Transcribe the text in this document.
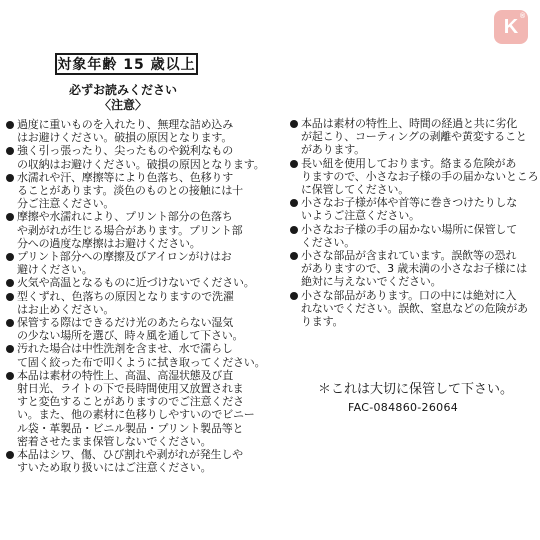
K ®
対象年齢 15 歳以上
必ずお読みください
〈注意〉
過度に重いものを入れたり、無理な詰め込み
はお避けください。破損の原因となります。
強く引っ張ったり、尖ったものや鋭利なもの
の収納はお避けください。破損の原因となります。
水濡れや汗、摩擦等により色落ち、色移りす
ることがあります。淡色のものとの接触には十
分ご注意ください。
摩擦や水濡れにより、プリント部分の色落ち
や剥がれが生じる場合があります。プリント部
分への過度な摩擦はお避けください。
プリント部分への摩擦及びアイロンがけはお
避けください。
火気や高温となるものに近づけないでください。
型くずれ、色落ちの原因となりますので洗濯
はお止めください。
保管する際はできるだけ光のあたらない湿気
の少ない場所を選び、時々風を通して下さい。
汚れた場合は中性洗剤を含ませ、水で濡らし
て固く絞った布で叩くように拭き取ってください。
本品は素材の特性上、高温、高湿状態及び直
射日光、ライトの下で長時間使用又放置されま
すと変色することがありますのでご注意くださ
い。また、他の素材に色移りしやすいのでビニー
ル袋・革製品・ビニル製品・プリント製品等と
密着させたまま保管しないでください。
本品はシワ、傷、ひび割れや剥がれが発生しや
すいため取り扱いにはご注意ください。
本品は素材の特性上、時間の経過と共に劣化
が起こり、コーティングの剥離や黄変すること
があります。
長い紐を使用しております。絡まる危険があ
りますので、小さなお子様の手の届かないところ
に保管してください。
小さなお子様が体や首等に巻きつけたりしな
いようご注意ください。
小さなお子様の手の届かない場所に保管して
ください。
小さな部品が含まれています。誤飲等の恐れ
がありますので、3 歳未満の小さなお子様には
絶対に与えないでください。
小さな部品があります。口の中には絶対に入
れないでください。誤飲、窒息などの危険があ
ります。
＊これは大切に保管して下さい。
FAC-084860-26064
